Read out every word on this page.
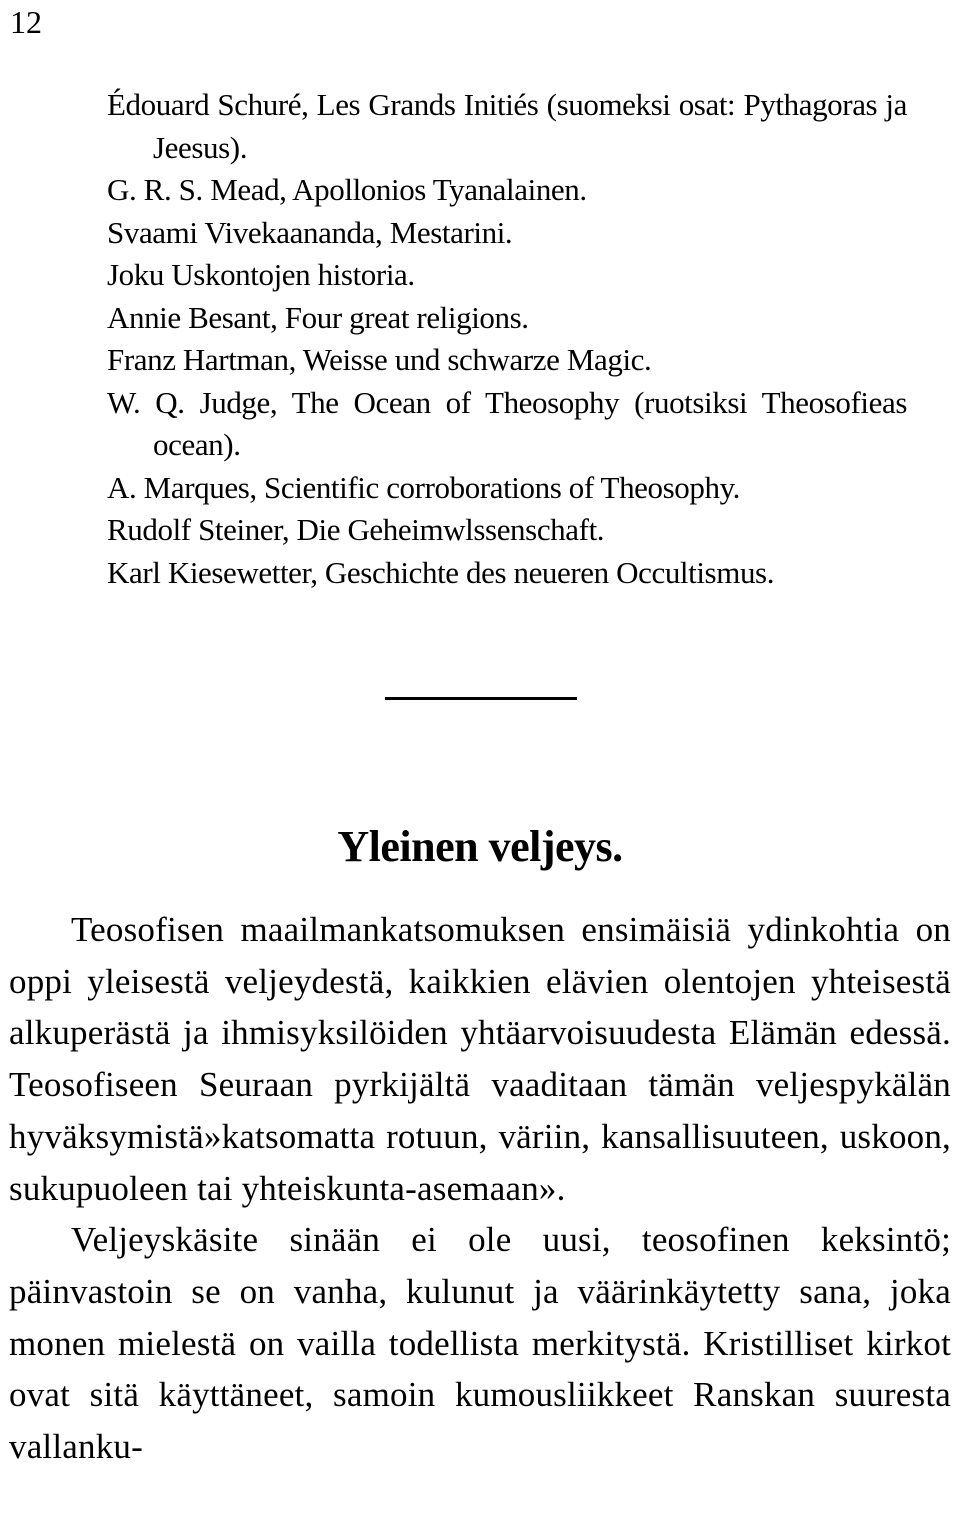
12
Édouard Schuré, Les Grands Initiés (suomeksi osat: Pythagoras ja Jeesus).
G. R. S. Mead, Apollonios Tyanalainen.
Svaami Vivekaananda, Mestarini.
Joku Uskontojen historia.
Annie Besant, Four great religions.
Franz Hartman, Weisse und schwarze Magic.
W. Q. Judge, The Ocean of Theosophy (ruotsiksi Theosofieas ocean).
A. Marques, Scientific corroborations of Theosophy.
Rudolf Steiner, Die Geheimwlssenschaft.
Karl Kiesewetter, Geschichte des neueren Occultismus.
Yleinen veljeys.

Teosofisen maailmankatsomuksen ensimäisiä ydinkohtia on oppi yleisestä veljeydestä, kaikkien elävien olentojen yhteisestä alkuperästä ja ihmisyksilöiden yhtäarvoisuudesta Elämän edessä. Teosofiseen Seuraan pyrkijältä vaaditaan tämän veljespykälän hyväksymistä»katsomatta rotuun, väriin, kansallisuuteen, uskoon, sukupuoleen tai yhteiskunta-asemaan».

Veljeyskäsite sinään ei ole uusi, teosofinen keksintö; päinvastoin se on vanha, kulunut ja väärinkäytetty sana, joka monen mielestä on vailla todellista merkitystä. Kristilliset kirkot ovat sitä käyttäneet, samoin kumousliikkeet Ranskan suuresta vallanku-
